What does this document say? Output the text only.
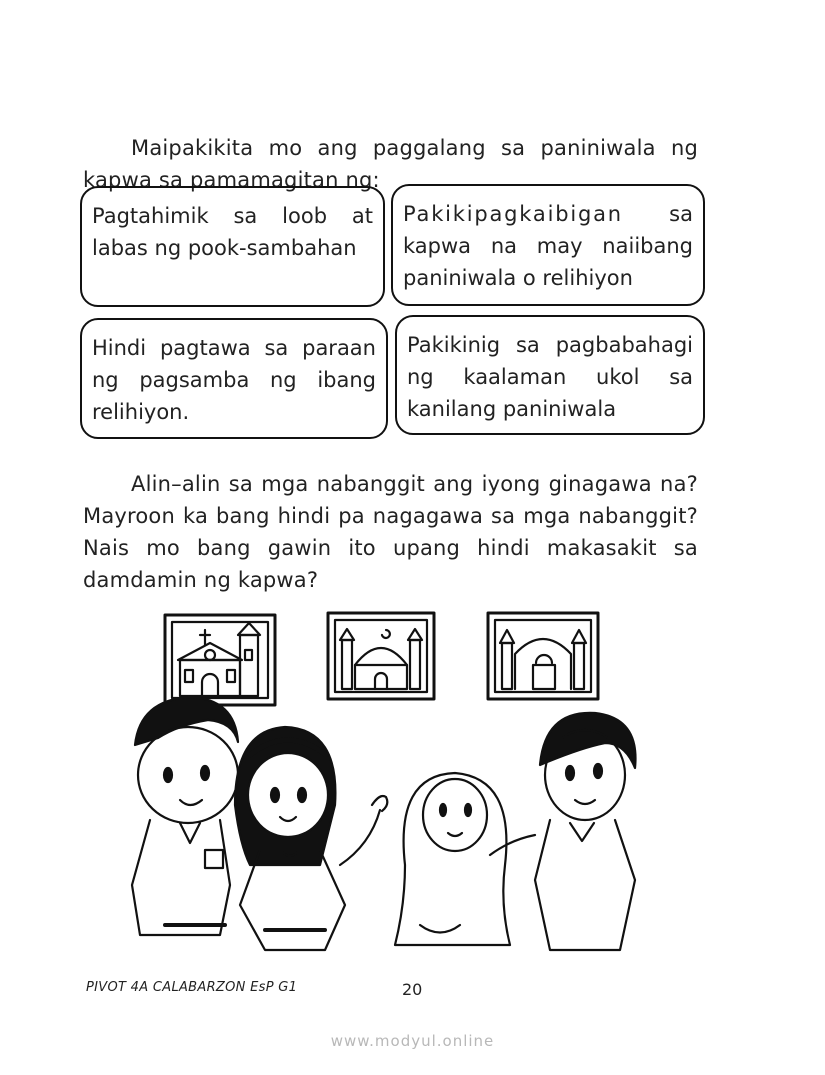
Maipakikita mo ang paggalang sa paniniwala ng kapwa sa pamamagitan ng:

Pagtahimik sa loob at labas ng pook-sambahan
Pakikipagkaibigan sa kapwa na may naiibang paniniwala o relihiyon
Hindi pagtawa sa paraan ng pagsamba ng ibang relihiyon.
Pakikinig sa pagbabahagi ng kaalaman ukol sa kanilang paniniwala

Alin–alin sa mga nabanggit ang iyong ginagawa na? Mayroon ka bang hindi pa nagagawa sa mga nabanggit? Nais mo bang gawin ito upang hindi makasakit sa damdamin ng kapwa?

PIVOT 4A CALABARZON EsP G1	20
www.modyul.online
